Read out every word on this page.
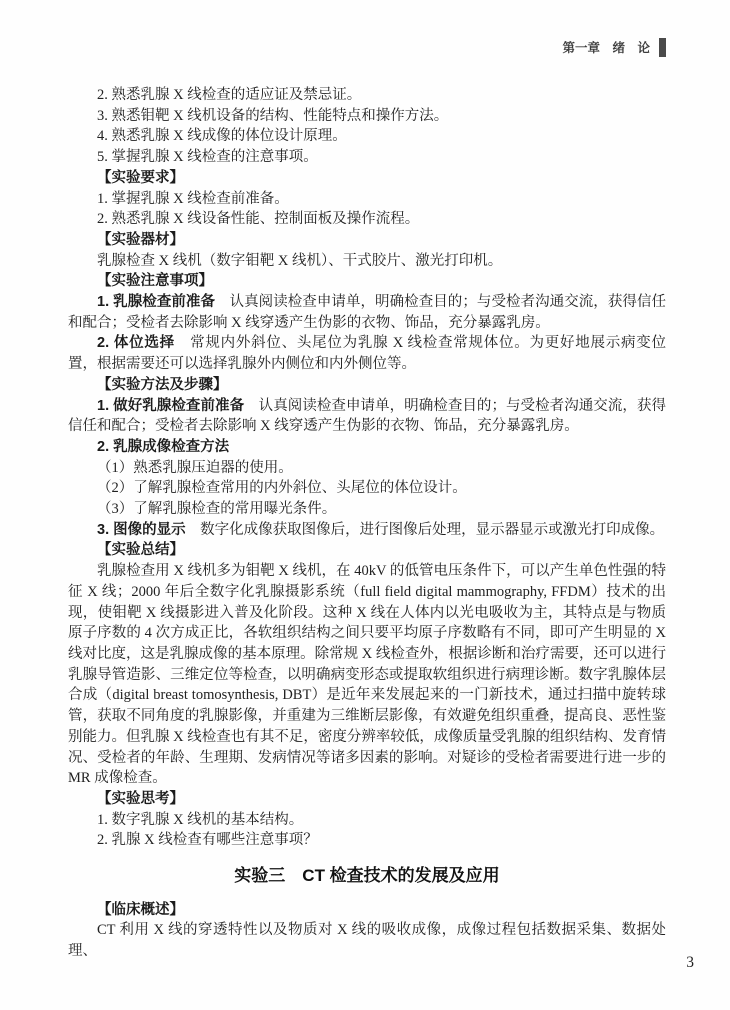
第一章　绪　论

2. 熟悉乳腺 X 线检查的适应证及禁忌证。

3. 熟悉钼靶 X 线机设备的结构、性能特点和操作方法。

4. 熟悉乳腺 X 线成像的体位设计原理。

5. 掌握乳腺 X 线检查的注意事项。

【实验要求】

1. 掌握乳腺 X 线检查前准备。

2. 熟悉乳腺 X 线设备性能、控制面板及操作流程。

【实验器材】

乳腺检查 X 线机（数字钼靶 X 线机）、干式胶片、激光打印机。

【实验注意事项】

1. 乳腺检查前准备　认真阅读检查申请单，明确检查目的；与受检者沟通交流，获得信任和配合；受检者去除影响 X 线穿透产生伪影的衣物、饰品，充分暴露乳房。

2. 体位选择　常规内外斜位、头尾位为乳腺 X 线检查常规体位。为更好地展示病变位置，根据需要还可以选择乳腺外内侧位和内外侧位等。

【实验方法及步骤】

1. 做好乳腺检查前准备　认真阅读检查申请单，明确检查目的；与受检者沟通交流，获得信任和配合；受检者去除影响 X 线穿透产生伪影的衣物、饰品，充分暴露乳房。

2. 乳腺成像检查方法

（1）熟悉乳腺压迫器的使用。

（2）了解乳腺检查常用的内外斜位、头尾位的体位设计。

（3）了解乳腺检查的常用曝光条件。

3. 图像的显示　数字化成像获取图像后，进行图像后处理，显示器显示或激光打印成像。

【实验总结】

乳腺检查用 X 线机多为钼靶 X 线机，在 40kV 的低管电压条件下，可以产生单色性强的特征 X 线；2000 年后全数字化乳腺摄影系统（full field digital mammography, FFDM）技术的出现，使钼靶 X 线摄影进入普及化阶段。这种 X 线在人体内以光电吸收为主，其特点是与物质原子序数的 4 次方成正比，各软组织结构之间只要平均原子序数略有不同，即可产生明显的 X 线对比度，这是乳腺成像的基本原理。除常规 X 线检查外，根据诊断和治疗需要，还可以进行乳腺导管造影、三维定位等检查，以明确病变形态或提取软组织进行病理诊断。数字乳腺体层合成（digital breast tomosynthesis, DBT）是近年来发展起来的一门新技术，通过扫描中旋转球管，获取不同角度的乳腺影像，并重建为三维断层影像，有效避免组织重叠，提高良、恶性鉴别能力。但乳腺 X 线检查也有其不足，密度分辨率较低，成像质量受乳腺的组织结构、发育情况、受检者的年龄、生理期、发病情况等诸多因素的影响。对疑诊的受检者需要进行进一步的 MR 成像检查。

【实验思考】

1. 数字乳腺 X 线机的基本结构。

2. 乳腺 X 线检查有哪些注意事项？

实验三　CT 检查技术的发展及应用

【临床概述】

CT 利用 X 线的穿透特性以及物质对 X 线的吸收成像，成像过程包括数据采集、数据处理、

3
